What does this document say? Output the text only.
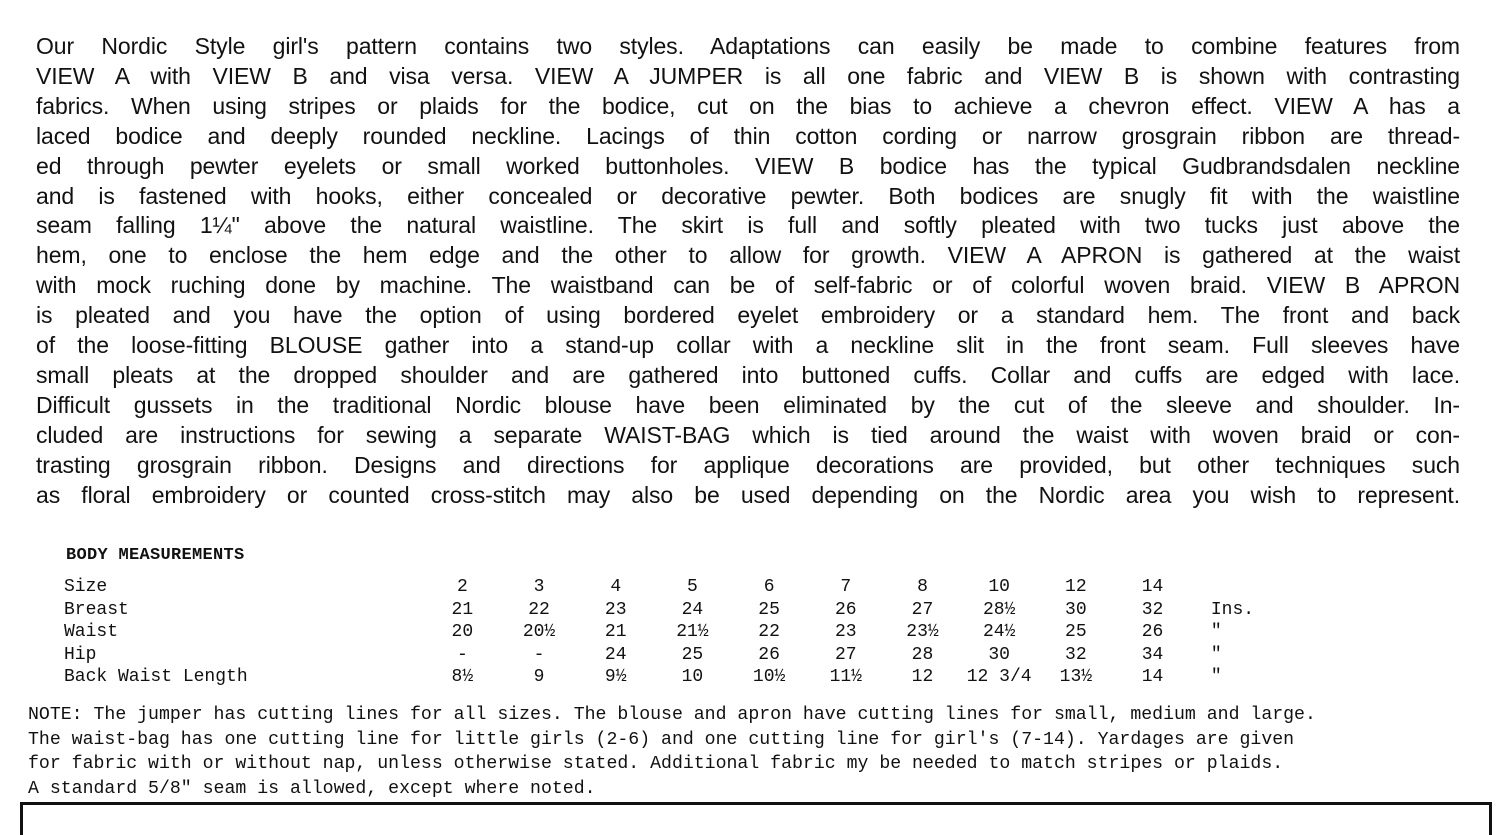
Our Nordic Style girl's pattern contains two styles. Adaptations can easily be made to combine features from
VIEW A with VIEW B and visa versa. VIEW A JUMPER is all one fabric and VIEW B is shown with contrasting
fabrics. When using stripes or plaids for the bodice, cut on the bias to achieve a chevron effect. VIEW A has a
laced bodice and deeply rounded neckline. Lacings of thin cotton cording or narrow grosgrain ribbon are thread-
ed through pewter eyelets or small worked buttonholes. VIEW B bodice has the typical Gudbrandsdalen neckline
and is fastened with hooks, either concealed or decorative pewter. Both bodices are snugly fit with the waistline
seam falling 1¼" above the natural waistline. The skirt is full and softly pleated with two tucks just above the
hem, one to enclose the hem edge and the other to allow for growth. VIEW A APRON is gathered at the waist
with mock ruching done by machine. The waistband can be of self-fabric or of colorful woven braid. VIEW B APRON
is pleated and you have the option of using bordered eyelet embroidery or a standard hem. The front and back
of the loose-fitting BLOUSE gather into a stand-up collar with a neckline slit in the front seam. Full sleeves have
small pleats at the dropped shoulder and are gathered into buttoned cuffs. Collar and cuffs are edged with lace.
Difficult gussets in the traditional Nordic blouse have been eliminated by the cut of the sleeve and shoulder. In-
cluded are instructions for sewing a separate WAIST-BAG which is tied around the waist with woven braid or con-
trasting grosgrain ribbon. Designs and directions for applique decorations are provided, but other techniques such
as floral embroidery or counted cross-stitch may also be used depending on the Nordic area you wish to represent.
BODY MEASUREMENTS
Size	2	3	4	5	6	7	8	10	12	14	
Breast	21	22	23	24	25	26	27	28½	30	32	Ins.
Waist	20	20½	21	21½	22	23	23½	24½	25	26	"
Hip	-	-	24	25	26	27	28	30	32	34	"
Back Waist Length	8½	9	9½	10	10½	11½	12	12 3/4	13½	14	"
NOTE: The jumper has cutting lines for all sizes. The blouse and apron have cutting lines for small, medium and large.
The waist-bag has one cutting line for little girls (2-6) and one cutting line for girl's (7-14). Yardages are given
for fabric with or without nap, unless otherwise stated. Additional fabric my be needed to match stripes or plaids.
A standard 5/8" seam is allowed, except where noted.
